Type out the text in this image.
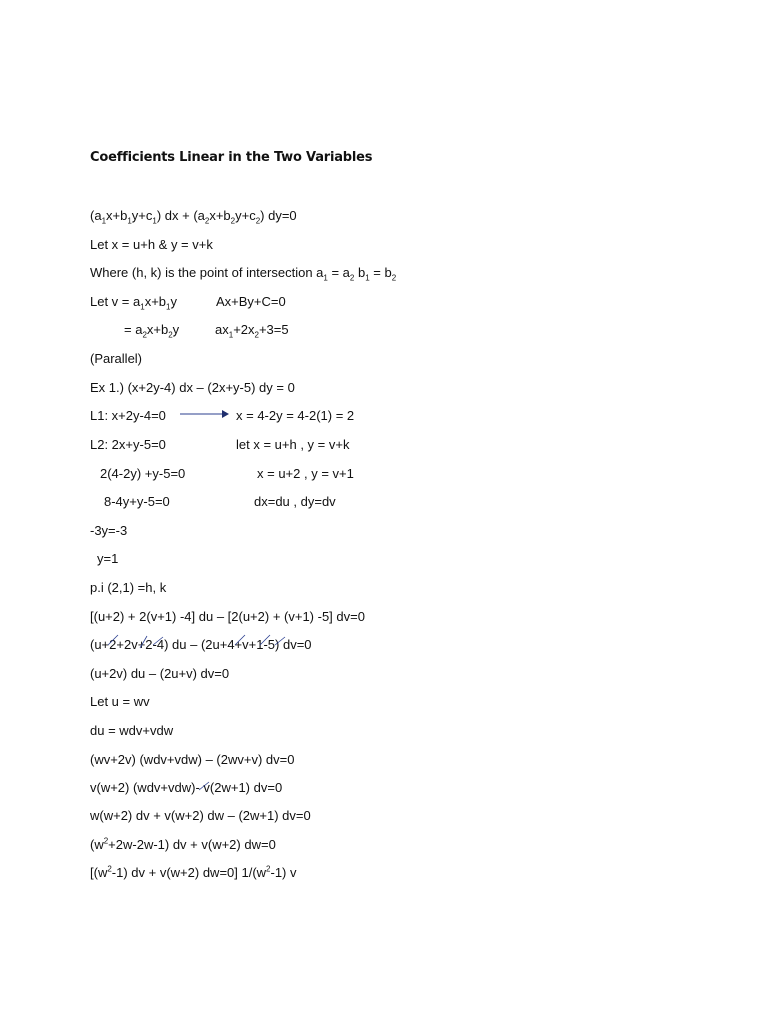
Coefficients Linear in the Two Variables
$(a_1x+b_1y+c_1)$ dx + $(a_2x+b_2y+c_2)$ dy=0
Let x = u+h & y = v+k
Where (h, k) is the point of intersection $a_1 = a_2$ $b_1 = b_2$
Let $v = a_1x+b_1y$	Ax+By+C=0
= $a_2x+b_2y$	$ax_1+2x_2+3=5$
(Parallel)
Ex 1.) (x+2y-4) dx – (2x+y-5) dy = 0
L1: x+2y-4=0	x = 4-2y = 4-2(1) = 2
L2: 2x+y-5=0	let x = u+h , y = v+k
2(4-2y) +y-5=0	x = u+2 , y = v+1
8-4y+y-5=0	dx=du , dy=dv
-3y=-3
y=1
p.i (2,1) =h, k
[(u+2) + 2(v+1) -4] du – [2(u+2) + (v+1) -5] dv=0
(u+2+2v+2-4) du – (2u+4+v+1-5) dv=0
(u+2v) du – (2u+v) dv=0
Let u = wv
du = wdv+vdw
(wv+2v) (wdv+vdw) – (2wv+v) dv=0
v(w+2) (wdv+vdw)- v(2w+1) dv=0
w(w+2) dv + v(w+2) dw – (2w+1) dv=0
$(w^2+2w-2w-1)$ dv + v(w+2) dw=0
[$(w^2-1)$ dv + v(w+2) dw=0] $1/(w^2-1)$ v
